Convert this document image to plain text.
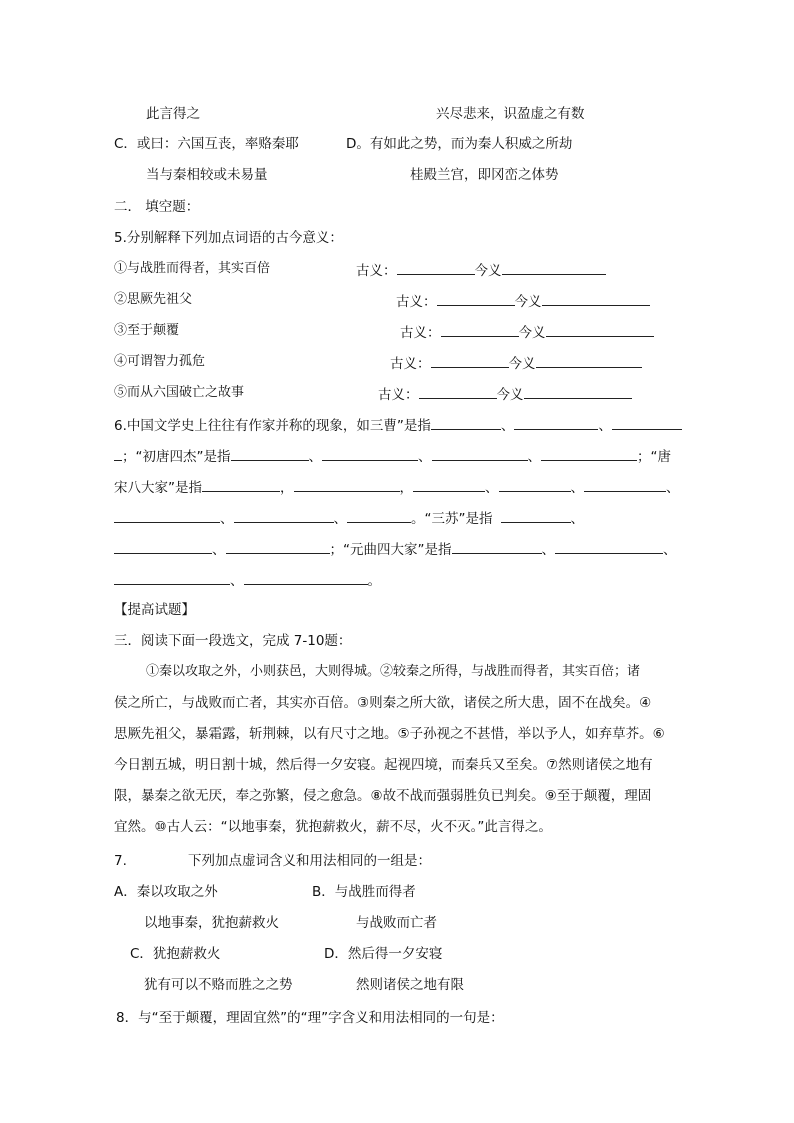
此言得之	兴尽悲来，识盈虚之有数
C．或曰：六国互丧，率赂秦耶	D。有如此之势，而为秦人积威之所劫
当与秦相较或未易量	桂殿兰宫，即冈峦之体势
二． 填空题：
5.分别解释下列加点词语的古今意义：
①与战胜而得者，其实百倍	古义：	今义
②思厥先祖父	古义：	今义
③至于颠覆	古义：	今义
④可谓智力孤危	古义：	今义
⑤而从六国破亡之故事	古义：	今义
6.中国文学史上往往有作家并称的现象，如三曹”是指	、	、
；“初唐四杰”是指	、	、	、	；“唐
宋八大家”是指	，	，	、	、	、
、	、	。“三苏”是指	、
、	；“元曲四大家”是指	、	、
、	。
【提高试题】
三．阅读下面一段选文，完成 7-10题：
①秦以攻取之外，小则获邑，大则得城。②较秦之所得，与战胜而得者，其实百倍；诸
侯之所亡，与战败而亡者，其实亦百倍。③则秦之所大欲，诸侯之所大患，固不在战矣。④
思厥先祖父，暴霜露，斩荆棘，以有尺寸之地。⑤子孙视之不甚惜，举以予人，如弃草芥。⑥
今日割五城，明日割十城，然后得一夕安寝。起视四境，而秦兵又至矣。⑦然则诸侯之地有
限，暴秦之欲无厌，奉之弥繁，侵之愈急。⑧故不战而强弱胜负已判矣。⑨至于颠覆，理固
宜然。⑩古人云：“以地事秦，犹抱薪救火，薪不尽，火不灭。”此言得之。
7.	下列加点虚词含义和用法相同的一组是：
A．秦以攻取之外	B．与战胜而得者
以地事秦，犹抱薪救火	与战败而亡者
C．犹抱薪救火	D．然后得一夕安寝
犹有可以不赂而胜之之势	然则诸侯之地有限
8．与“至于颠覆，理固宜然”的“理”字含义和用法相同的一句是：
